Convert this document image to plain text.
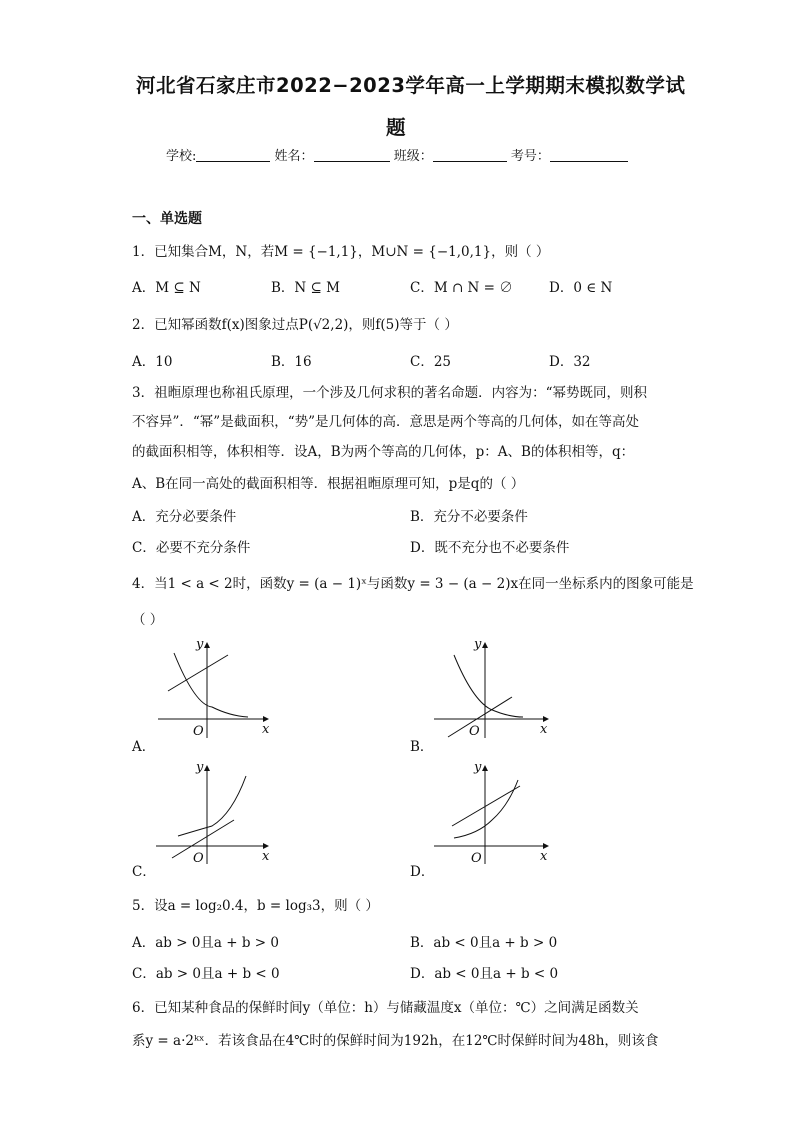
河北省石家庄市2022−2023学年高一上学期期末模拟数学试
题
学校:	姓名：	班级：	考号：
一、单选题
1．已知集合M，N，若M = {−1,1}，M∪N = {−1,0,1}，则（ ）
A．M ⊆ N	B．N ⊆ M	C．M ∩ N = ∅	D．0 ∈ N
2．已知幂函数f(x)图象过点P(√2,2)，则f(5)等于（ ）
A．10	B．16	C．25	D．32
3．祖暅原理也称祖氏原理，一个涉及几何求积的著名命题．内容为：“幂势既同，则积
不容异”．“幂”是截面积，“势”是几何体的高．意思是两个等高的几何体，如在等高处
的截面积相等，体积相等．设A，B为两个等高的几何体，p：A、B的体积相等，q：
A、B在同一高处的截面积相等．根据祖暅原理可知，p是q的（ ）
A．充分必要条件	B．充分不必要条件
C．必要不充分条件	D．既不充分也不必要条件
4．当1 < a < 2时，函数y = (a − 1)ˣ与函数y = 3 − (a − 2)x在同一坐标系内的图象可能是
（ ）
A．
y
x
O
B．
y
x
O
C．
y
x
O
D．
y
x
O
5．设a = log₂0.4，b = log₃3，则（ ）
A．ab > 0且a + b > 0	B．ab < 0且a + b > 0
C．ab > 0且a + b < 0	D．ab < 0且a + b < 0
6．已知某种食品的保鲜时间y（单位：h）与储藏温度x（单位：℃）之间满足函数关
系y = a·2ᵏˣ．若该食品在4℃时的保鲜时间为192h，在12℃时保鲜时间为48h，则该食
